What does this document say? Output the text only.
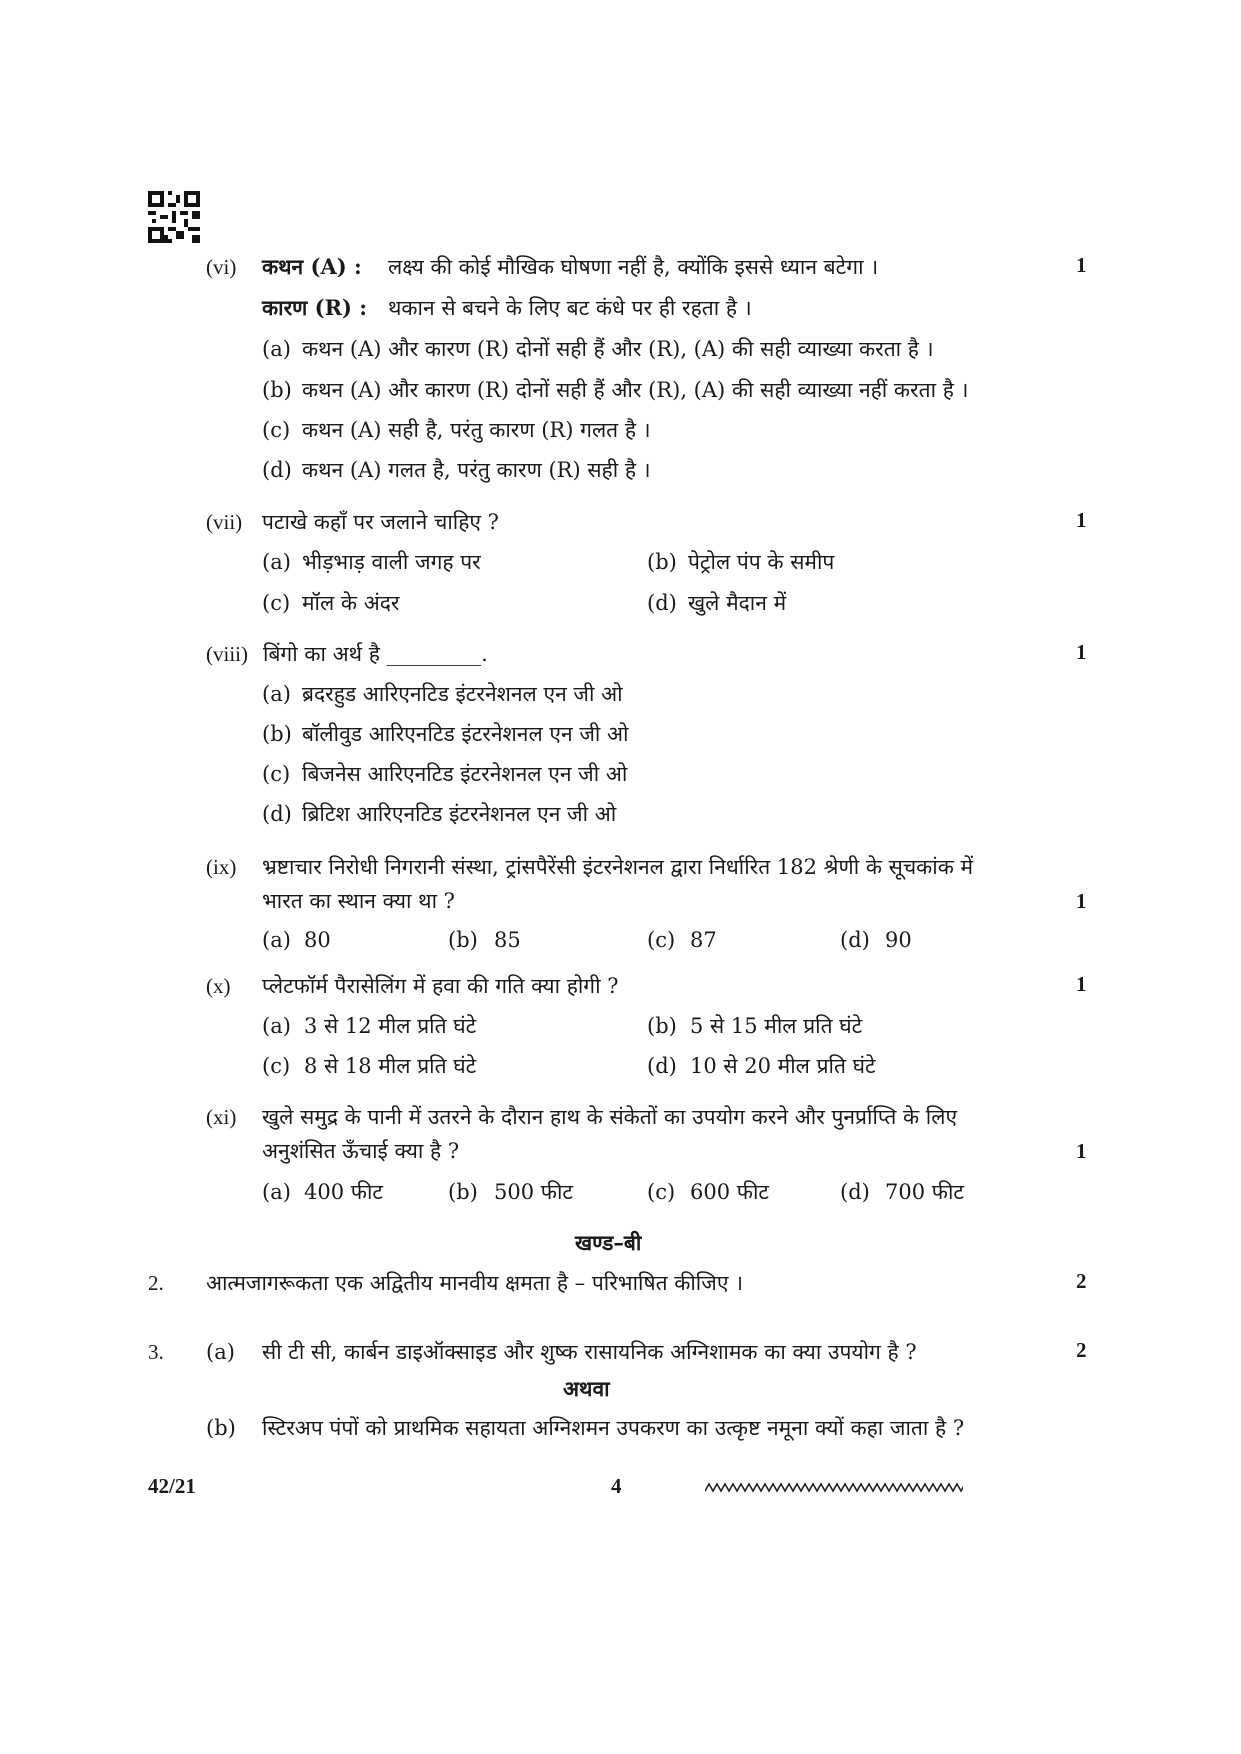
(vi) कथन (A) : लक्ष्य की कोई मौखिक घोषणा नहीं है, क्योंकि इससे ध्यान बटेगा ।	1
कारण (R) : थकान से बचने के लिए बट कंधे पर ही रहता है ।
(a) कथन (A) और कारण (R) दोनों सही हैं और (R), (A) की सही व्याख्या करता है ।
(b) कथन (A) और कारण (R) दोनों सही हैं और (R), (A) की सही व्याख्या नहीं करता है ।
(c) कथन (A) सही है, परंतु कारण (R) गलत है ।
(d) कथन (A) गलत है, परंतु कारण (R) सही है ।
(vii) पटाखे कहाँ पर जलाने चाहिए ?	1
(a) भीड़भाड़ वाली जगह पर	(b) पेट्रोल पंप के समीप
(c) मॉल के अंदर	(d) खुले मैदान में
(viii) बिंगो का अर्थ है _________.	1
(a) ब्रदरहुड आरिएनटिड इंटरनेशनल एन जी ओ
(b) बॉलीवुड आरिएनटिड इंटरनेशनल एन जी ओ
(c) बिजनेस आरिएनटिड इंटरनेशनल एन जी ओ
(d) ब्रिटिश आरिएनटिड इंटरनेशनल एन जी ओ
(ix) भ्रष्टाचार निरोधी निगरानी संस्था, ट्रांसपैरेंसी इंटरनेशनल द्वारा निर्धारित 182 श्रेणी के सूचकांक में
भारत का स्थान क्या था ?	1
(a) 80	(b) 85	(c) 87	(d) 90
(x) प्लेटफॉर्म पैरासेलिंग में हवा की गति क्या होगी ?	1
(a) 3 से 12 मील प्रति घंटे	(b) 5 से 15 मील प्रति घंटे
(c) 8 से 18 मील प्रति घंटे	(d) 10 से 20 मील प्रति घंटे
(xi) खुले समुद्र के पानी में उतरने के दौरान हाथ के संकेतों का उपयोग करने और पुनर्प्राप्ति के लिए
अनुशंसित ऊँचाई क्या है ?	1
(a) 400 फीट	(b) 500 फीट	(c) 600 फीट	(d) 700 फीट
खण्ड–बी
2. आत्मजागरूकता एक अद्वितीय मानवीय क्षमता है – परिभाषित कीजिए ।	2
3. (a) सी टी सी, कार्बन डाइऑक्साइड और शुष्क रासायनिक अग्निशामक का क्या उपयोग है ?	2
अथवा
(b) स्टिरअप पंपों को प्राथमिक सहायता अग्निशमन उपकरण का उत्कृष्ट नमूना क्यों कहा जाता है ?
42/21	4
